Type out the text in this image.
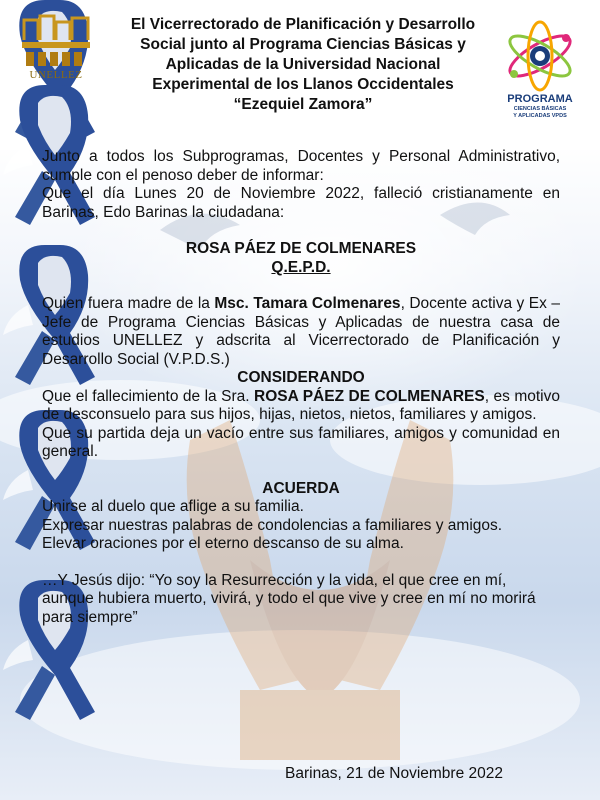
UNELLEZ
El Vicerrectorado de Planificación y Desarrollo
Social junto al Programa Ciencias Básicas y
Aplicadas de la Universidad Nacional
Experimental de los Llanos Occidentales
“Ezequiel Zamora”	PROGRAMA
CIENCIAS BÁSICAS
Y APLICADAS VPDS

Junto a todos los Subprogramas, Docentes y Personal Administrativo, cumple con el penoso deber de informar:

Que el día Lunes 20 de Noviembre 2022, falleció cristianamente en Barinas, Edo Barinas la ciudadana:

ROSA PÁEZ DE COLMENARES

Q.E.P.D.

Quien fuera madre de la Msc. Tamara Colmenares, Docente activa y Ex – Jefe de Programa Ciencias Básicas y Aplicadas de nuestra casa de estudios UNELLEZ y adscrita al Vicerrectorado de Planificación y Desarrollo Social (V.P.D.S.)

CONSIDERANDO

Que el fallecimiento de la Sra. ROSA PÁEZ DE COLMENARES, es motivo de desconsuelo para sus hijos, hijas, nietos, nietos, familiares y amigos.

Que su partida deja un vacío entre sus familiares, amigos y comunidad en general.

ACUERDA

Unirse al duelo que aflige a su familia.

Expresar nuestras palabras de condolencias a familiares y amigos.

Elevar oraciones por el eterno descanso de su alma.

…Y Jesús dijo: “Yo soy la Resurrección y la vida, el que cree en mí, aunque hubiera muerto, vivirá, y todo el que vive y cree en mí no morirá para siempre”

Barinas, 21 de Noviembre 2022
